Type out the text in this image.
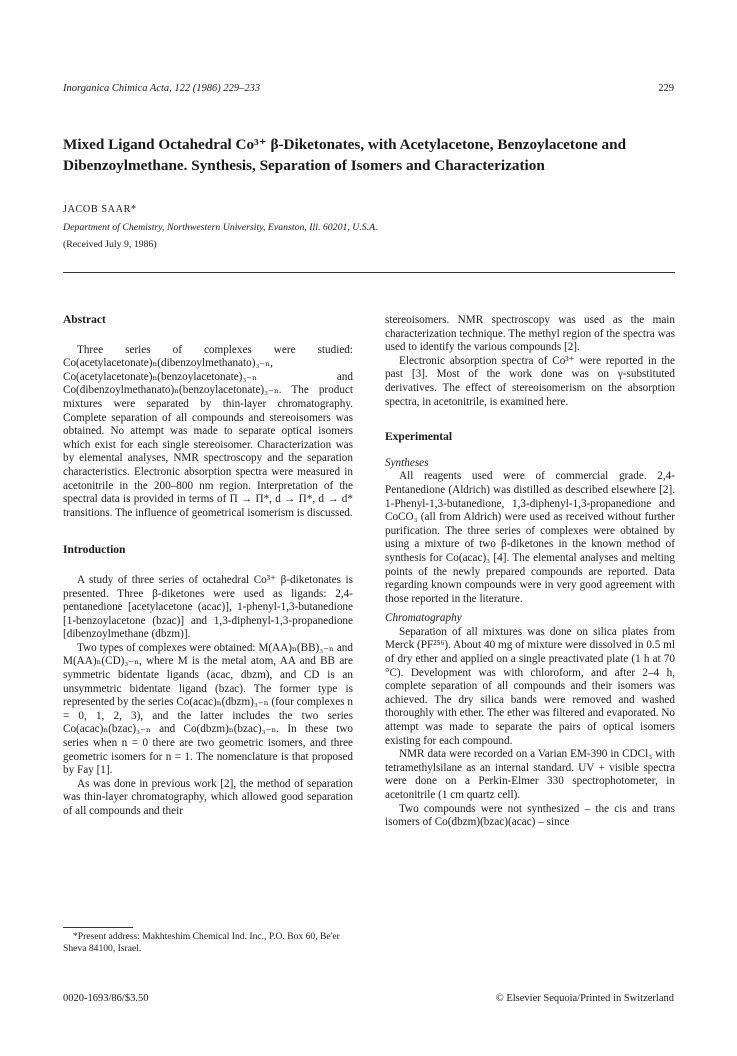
Inorganica Chimica Acta, 122 (1986) 229–233	229
Mixed Ligand Octahedral Co³⁺ β-Diketonates, with Acetylacetone, Benzoylacetone and Dibenzoylmethane. Synthesis, Separation of Isomers and Characterization
JACOB SAAR*
Department of Chemistry, Northwestern University, Evanston, Ill. 60201, U.S.A.
(Received July 9, 1986)

Abstract

Three series of complexes were studied: Co(acetylacetonate)ₙ(dibenzoylmethanato)₃₋ₙ, Co(acetylacetonate)ₙ(benzoylacetonate)₃₋ₙ and Co(dibenzoylmethanato)ₙ(benzoylacetonate)₃₋ₙ. The product mixtures were separated by thin-layer chromatography. Complete separation of all compounds and stereoisomers was obtained. No attempt was made to separate optical isomers which exist for each single stereoisomer. Characterization was by elemental analyses, NMR spectroscopy and the separation characteristics. Electronic absorption spectra were measured in acetonitrile in the 200–800 nm region. Interpretation of the spectral data is provided in terms of Π → Π*, d → Π*, d → d* transitions. The influence of geometrical isomerism is discussed.

Introduction

A study of three series of octahedral Co³⁺ β-diketonates is presented. Three β-diketones were used as ligands: 2,4-pentanedione [acetylacetone (acac)], 1-phenyl-1,3-butanedione [1-benzoylacetone (bzac)] and 1,3-diphenyl-1,3-propanedione [dibenzoylmethane (dbzm)].

Two types of complexes were obtained: M(AA)ₙ(BB)₃₋ₙ and M(AA)ₙ(CD)₃₋ₙ, where M is the metal atom, AA and BB are symmetric bidentate ligands (acac, dbzm), and CD is an unsymmetric bidentate ligand (bzac). The former type is represented by the series Co(acac)ₙ(dbzm)₃₋ₙ (four complexes n = 0, 1, 2, 3), and the latter includes the two series Co(acac)ₙ(bzac)₃₋ₙ and Co(dbzm)ₙ(bzac)₃₋ₙ. In these two series when n = 0 there are two geometric isomers, and three geometric isomers for n = 1. The nomenclature is that proposed by Fay [1].

As was done in previous work [2], the method of separation was thin-layer chromatography, which allowed good separation of all compounds and their

stereoisomers. NMR spectroscopy was used as the main characterization technique. The methyl region of the spectra was used to identify the various compounds [2].

Electronic absorption spectra of Co³⁺ were reported in the past [3]. Most of the work done was on γ-substituted derivatives. The effect of stereoisomerism on the absorption spectra, in acetonitrile, is examined here.

Experimental

Syntheses

All reagents used were of commercial grade. 2,4-Pentanedione (Aldrich) was distilled as described elsewhere [2]. 1-Phenyl-1,3-butanedione, 1,3-diphenyl-1,3-propanedione and CoCO₃ (all from Aldrich) were used as received without further purification. The three series of complexes were obtained by using a mixture of two β-diketones in the known method of synthesis for Co(acac)₃ [4]. The elemental analyses and melting points of the newly prepared compounds are reported. Data regarding known compounds were in very good agreement with those reported in the literature.

Chromatography

Separation of all mixtures was done on silica plates from Merck (PF²⁵⁶). About 40 mg of mixture were dissolved in 0.5 ml of dry ether and applied on a single preactivated plate (1 h at 70 °C). Development was with chloroform, and after 2–4 h, complete separation of all compounds and their isomers was achieved. The dry silica bands were removed and washed thoroughly with ether. The ether was filtered and evaporated. No attempt was made to separate the pairs of optical isomers existing for each compound.

NMR data were recorded on a Varian EM-390 in CDCl₃ with tetramethylsilane as an internal standard. UV + visible spectra were done on a Perkin-Elmer 330 spectrophotometer, in acetonitrile (1 cm quartz cell).

Two compounds were not synthesized – the cis and trans isomers of Co(dbzm)(bzac)(acac) – since

*Present address: Makhteshim Chemical Ind. Inc., P.O. Box 60, Be'er Sheva 84100, Israel.
0020-1693/86/$3.50	© Elsevier Sequoia/Printed in Switzerland
